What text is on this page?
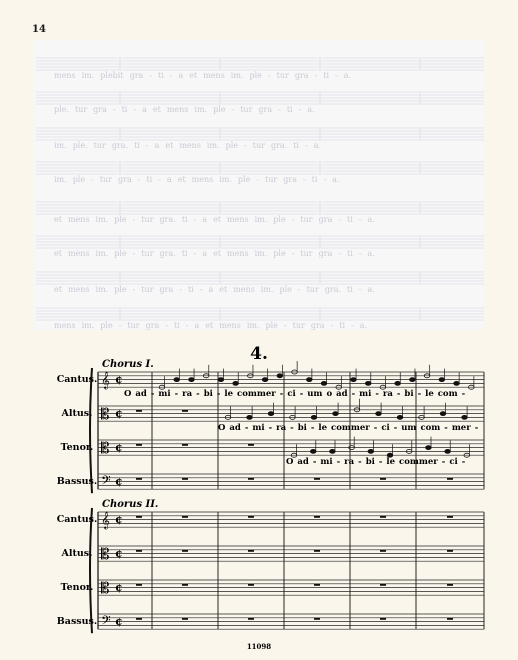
14
mens im. plebit gra - ti - a et mens im. ple - tur gra - ti - a.
ple. tur gra - ti - a et mens im. ple - tur gra - ti - a.
im. ple. tur gra. ti - a et mens im. ple - tur gra. ti - a.
im. ple - tur gra - ti - a et mens im. ple - tur gra - ti - a.
et mens im. ple - tur gra. ti - a et mens im. ple - tur gra - ti - a.
et mens im. ple - tur gra. ti - a et mens im. ple - tur gra - ti - a.
et mens im. ple - tur gra - ti - a et mens im. ple - tur gra. ti - a.
mens im. ple - tur gra - ti - a et mens im. ple - tur gra - ti - a.
4.
𝄞 ¢
𝄡 ¢
𝄡 ¢
𝄢 ¢
Chorus I.
𝄞 ¢
𝄡 ¢
𝄡 ¢
𝄢 ¢
Chorus II.
O ad - mi - ra - bi - le commer - ci - um o ad - mi - ra - bi - le com -
O ad - mi - ra - bi - le commer - ci - um com - mer -
O ad - mi - ra - bi - le commer - ci -
Cantus.
Altus.
Tenor.
Bassus.
Cantus.
Altus.
Tenor.
Bassus.
11098
